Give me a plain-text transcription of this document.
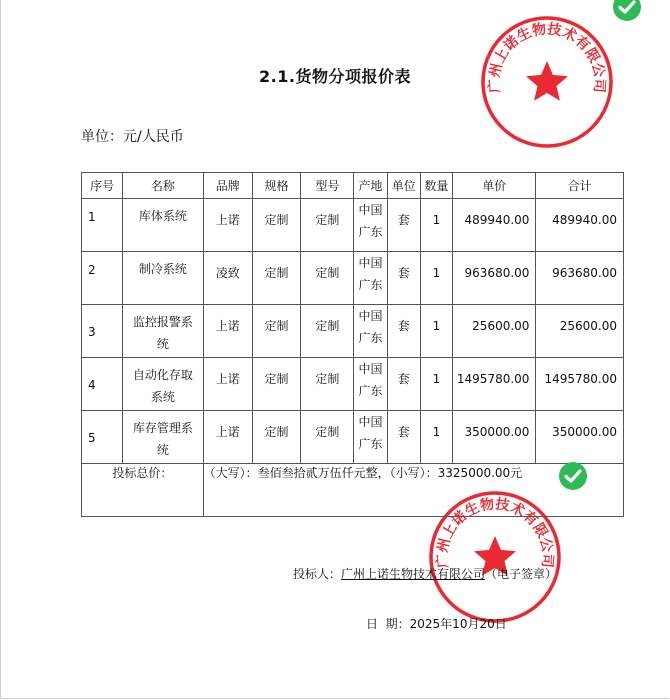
广州上诺生物技术有限公司
广州上诺生物技术有限公司
2.1.货物分项报价表
单位：元/人民币
序号	名称	品牌	规格	型号	产地	单位	数量	单价	合计

1	库体系统	上诺	定制	定制	中国广东	套	1	489940.00	489940.00

2	制冷系统	凌致	定制	定制	中国广东	套	1	963680.00	963680.00

3	监控报警系统	上诺	定制	定制	中国广东	套	1	25600.00	25600.00

4	自动化存取系统	上诺	定制	定制	中国广东	套	1	1495780.00	1495780.00

5	库存管理系统	上诺	定制	定制	中国广东	套	1	350000.00	350000.00

投标总价：		（大写）：叁佰叁拾贰万伍仟元整，（小写）：3325000.00元							
投标人：广州上诺生物技术有限公司（电子签章）
日  期：2025年10月20日
